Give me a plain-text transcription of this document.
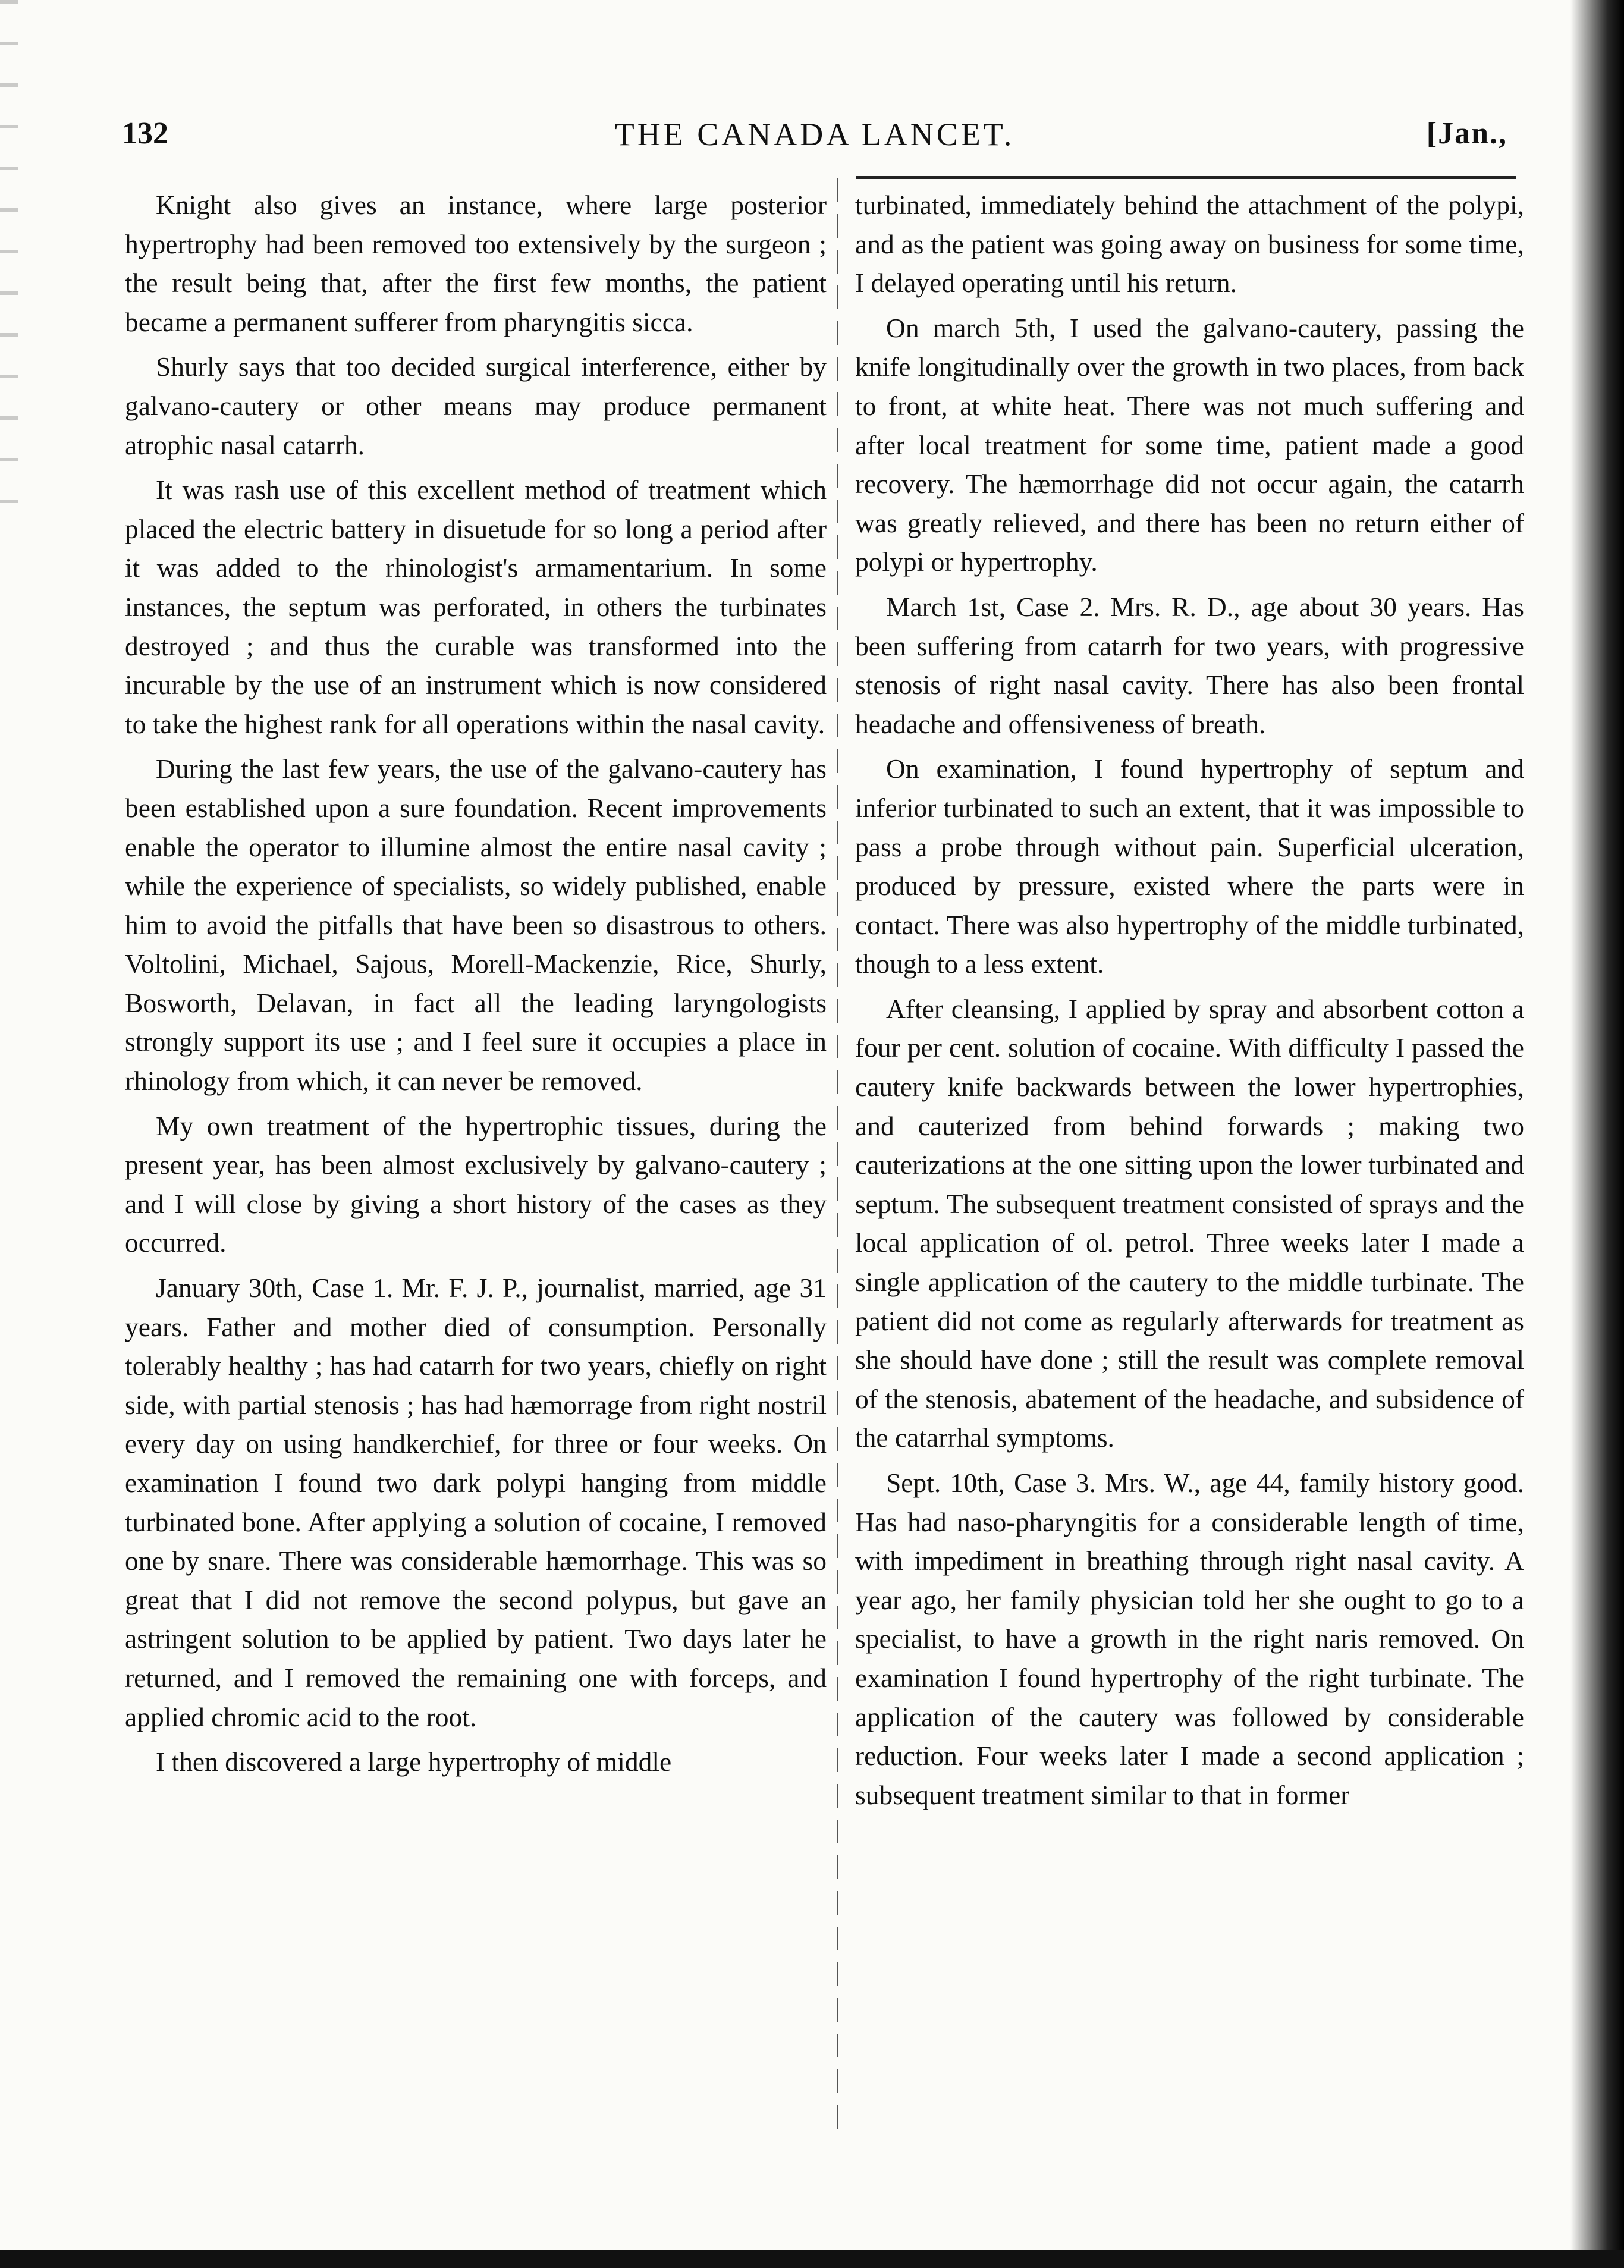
132	THE CANADA LANCET.	[Jan.,

Knight also gives an instance, where large posterior hypertrophy had been removed too extensively by the surgeon ; the result being that, after the first few months, the patient became a permanent sufferer from pharyngitis sicca.

Shurly says that too decided surgical interference, either by galvano-cautery or other means may produce permanent atrophic nasal catarrh.

It was rash use of this excellent method of treatment which placed the electric battery in disuetude for so long a period after it was added to the rhinologist's armamentarium. In some instances, the septum was perforated, in others the turbinates destroyed ; and thus the curable was transformed into the incurable by the use of an instrument which is now considered to take the highest rank for all operations within the nasal cavity.

During the last few years, the use of the galvano-cautery has been established upon a sure foundation. Recent improvements enable the operator to illumine almost the entire nasal cavity ; while the experience of specialists, so widely published, enable him to avoid the pitfalls that have been so disastrous to others. Voltolini, Michael, Sajous, Morell-Mackenzie, Rice, Shurly, Bosworth, Delavan, in fact all the leading laryngologists strongly support its use ; and I feel sure it occupies a place in rhinology from which, it can never be removed.

My own treatment of the hypertrophic tissues, during the present year, has been almost exclusively by galvano-cautery ; and I will close by giving a short history of the cases as they occurred.

January 30th, Case 1. Mr. F. J. P., journalist, married, age 31 years. Father and mother died of consumption. Personally tolerably healthy ; has had catarrh for two years, chiefly on right side, with partial stenosis ; has had hæmorrage from right nostril every day on using handkerchief, for three or four weeks. On examination I found two dark polypi hanging from middle turbinated bone. After applying a solution of cocaine, I removed one by snare. There was considerable hæmorrhage. This was so great that I did not remove the second polypus, but gave an astringent solution to be applied by patient. Two days later he returned, and I removed the remaining one with forceps, and applied chromic acid to the root.

I then discovered a large hypertrophy of middle

turbinated, immediately behind the attachment of the polypi, and as the patient was going away on business for some time, I delayed operating until his return.

On march 5th, I used the galvano-cautery, passing the knife longitudinally over the growth in two places, from back to front, at white heat. There was not much suffering and after local treatment for some time, patient made a good recovery. The hæmorrhage did not occur again, the catarrh was greatly relieved, and there has been no return either of polypi or hypertrophy.

March 1st, Case 2. Mrs. R. D., age about 30 years. Has been suffering from catarrh for two years, with progressive stenosis of right nasal cavity. There has also been frontal headache and offensiveness of breath.

On examination, I found hypertrophy of septum and inferior turbinated to such an extent, that it was impossible to pass a probe through without pain. Superficial ulceration, produced by pressure, existed where the parts were in contact. There was also hypertrophy of the middle turbinated, though to a less extent.

After cleansing, I applied by spray and absorbent cotton a four per cent. solution of cocaine. With difficulty I passed the cautery knife backwards between the lower hypertrophies, and cauterized from behind forwards ; making two cauterizations at the one sitting upon the lower turbinated and septum. The subsequent treatment consisted of sprays and the local application of ol. petrol. Three weeks later I made a single application of the cautery to the middle turbinate. The patient did not come as regularly afterwards for treatment as she should have done ; still the result was complete removal of the stenosis, abatement of the headache, and subsidence of the catarrhal symptoms.

Sept. 10th, Case 3. Mrs. W., age 44, family history good. Has had naso-pharyngitis for a considerable length of time, with impediment in breathing through right nasal cavity. A year ago, her family physician told her she ought to go to a specialist, to have a growth in the right naris removed. On examination I found hypertrophy of the right turbinate. The application of the cautery was followed by considerable reduction. Four weeks later I made a second application ; subsequent treatment similar to that in former
